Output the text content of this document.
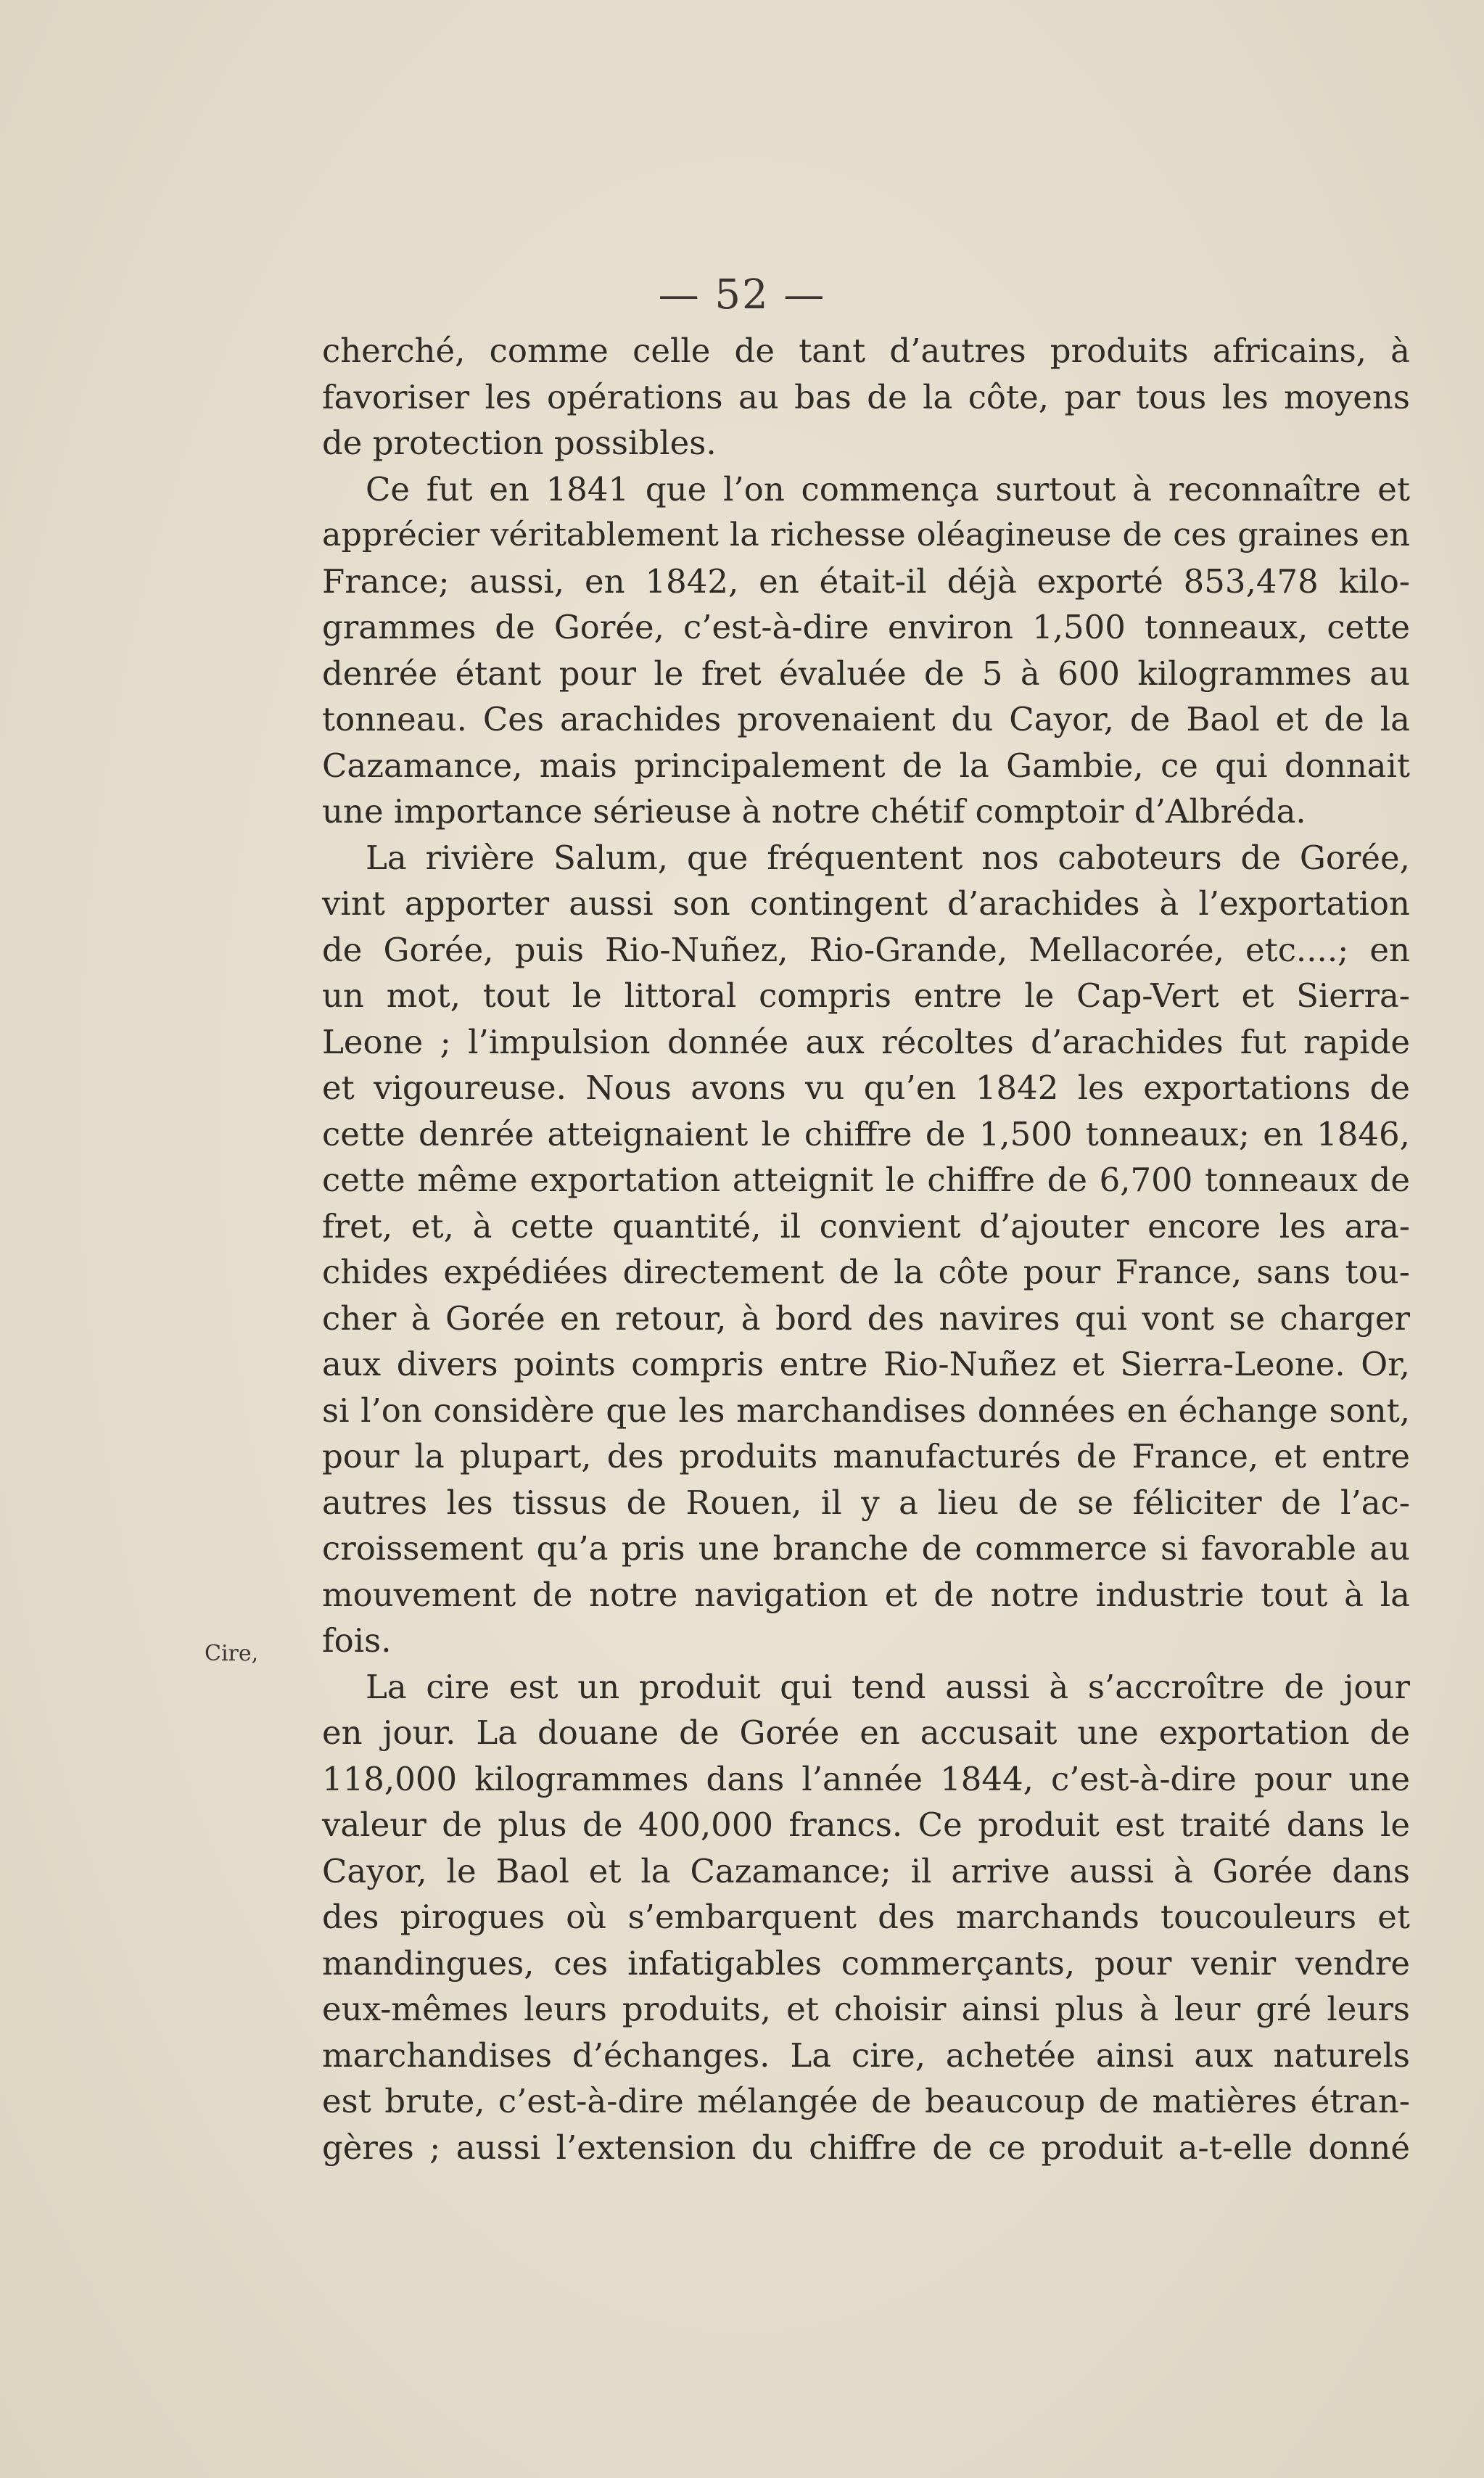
— 52 —
Cire,
cherché, comme celle de tant d’autres produits africains, à
favoriser les opérations au bas de la côte, par tous les moyens
de protection possibles.
Ce fut en 1841 que l’on commença surtout à reconnaître et
apprécier véritablement la richesse oléagineuse de ces graines en
France; aussi, en 1842, en était-il déjà exporté 853,478 kilo-
grammes de Gorée, c’est-à-dire environ 1,500 tonneaux, cette
denrée étant pour le fret évaluée de 5 à 600 kilogrammes au
tonneau. Ces arachides provenaient du Cayor, de Baol et de la
Cazamance, mais principalement de la Gambie, ce qui donnait
une importance sérieuse à notre chétif comptoir d’Albréda.
La rivière Salum, que fréquentent nos caboteurs de Gorée,
vint apporter aussi son contingent d’arachides à l’exportation
de Gorée, puis Rio-Nuñez, Rio-Grande, Mellacorée, etc....; en
un mot, tout le littoral compris entre le Cap-Vert et Sierra-
Leone ; l’impulsion donnée aux récoltes d’arachides fut rapide
et vigoureuse. Nous avons vu qu’en 1842 les exportations de
cette denrée atteignaient le chiffre de 1,500 tonneaux; en 1846,
cette même exportation atteignit le chiffre de 6,700 tonneaux de
fret, et, à cette quantité, il convient d’ajouter encore les ara-
chides expédiées directement de la côte pour France, sans tou-
cher à Gorée en retour, à bord des navires qui vont se charger
aux divers points compris entre Rio-Nuñez et Sierra-Leone. Or,
si l’on considère que les marchandises données en échange sont,
pour la plupart, des produits manufacturés de France, et entre
autres les tissus de Rouen, il y a lieu de se féliciter de l’ac-
croissement qu’a pris une branche de commerce si favorable au
mouvement de notre navigation et de notre industrie tout à la
fois.
La cire est un produit qui tend aussi à s’accroître de jour
en jour. La douane de Gorée en accusait une exportation de
118,000 kilogrammes dans l’année 1844, c’est-à-dire pour une
valeur de plus de 400,000 francs. Ce produit est traité dans le
Cayor, le Baol et la Cazamance; il arrive aussi à Gorée dans
des pirogues où s’embarquent des marchands toucouleurs et
mandingues, ces infatigables commerçants, pour venir vendre
eux-mêmes leurs produits, et choisir ainsi plus à leur gré leurs
marchandises d’échanges. La cire, achetée ainsi aux naturels
est brute, c’est-à-dire mélangée de beaucoup de matières étran-
gères ; aussi l’extension du chiffre de ce produit a-t-elle donné
